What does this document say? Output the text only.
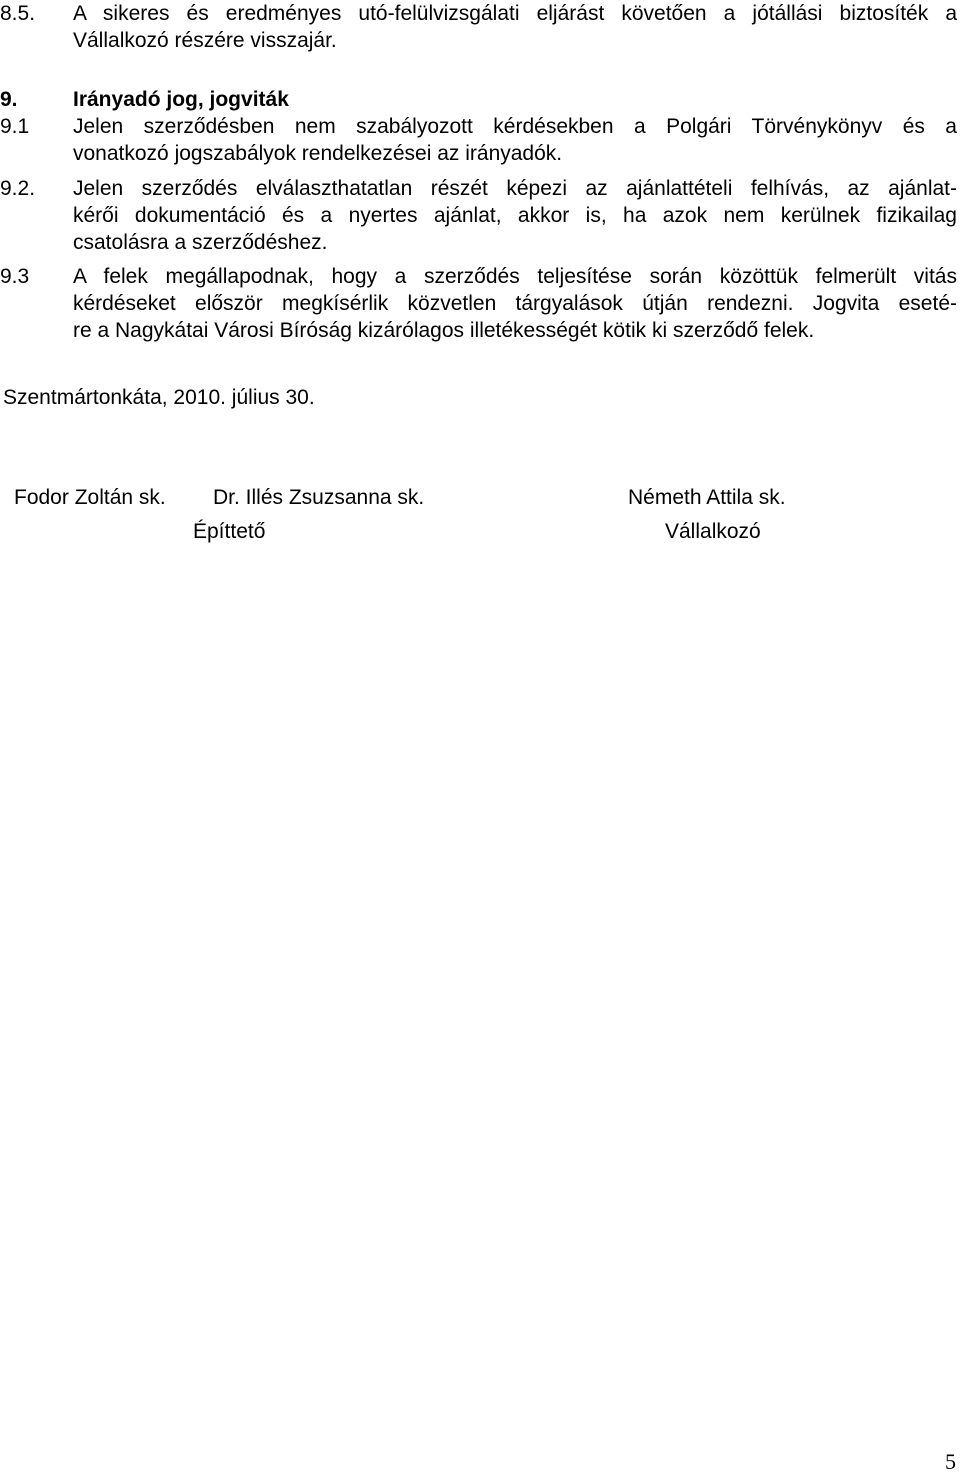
8.5.	A sikeres és eredményes utó-felülvizsgálati eljárást követően a jótállási biztosíték a
Vállalkozó részére visszajár.
9.	Irányadó jog, jogviták
9.1	Jelen szerződésben nem szabályozott kérdésekben a Polgári Törvénykönyv és a
vonatkozó jogszabályok rendelkezései az irányadók.
9.2.	Jelen szerződés elválaszthatatlan részét képezi az ajánlattételi felhívás, az ajánlat-
kérői dokumentáció és a nyertes ajánlat, akkor is, ha azok nem kerülnek fizikailag
csatolásra a szerződéshez.
9.3	A felek megállapodnak, hogy a szerződés teljesítése során közöttük felmerült vitás
kérdéseket először megkísérlik közvetlen tárgyalások útján rendezni. Jogvita eseté-
re a Nagykátai Városi Bíróság kizárólagos illetékességét kötik ki szerződő felek.
Szentmártonkáta, 2010. július 30.
Fodor Zoltán sk. Dr. Illés Zsuzsanna sk.	Németh Attila sk.
Építtető	Vállalkozó
5
